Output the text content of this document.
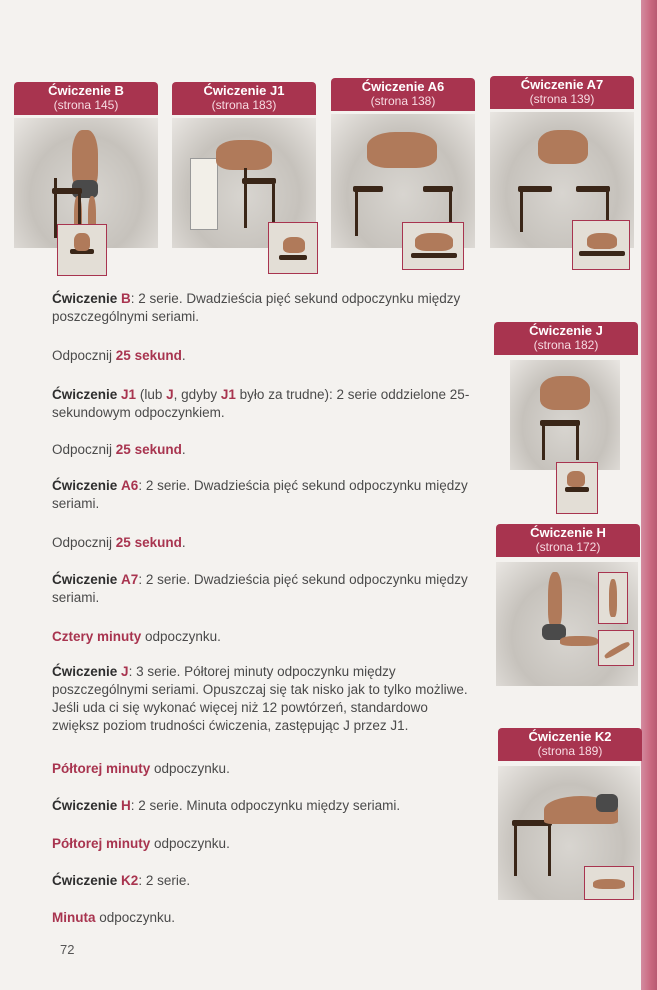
Ćwiczenie B
(strona 145)
Ćwiczenie J1
(strona 183)
Ćwiczenie A6
(strona 138)
Ćwiczenie A7
(strona 139)
Ćwiczenie J
(strona 182)
Ćwiczenie H
(strona 172)
Ćwiczenie K2
(strona 189)
Ćwiczenie B: 2 serie. Dwadzieścia pięć sekund odpoczynku między poszczególnymi seriami.
Odpocznij 25 sekund.
Ćwiczenie J1 (lub J, gdyby J1 było za trudne): 2 serie oddzielone 25-sekundowym odpoczynkiem.
Odpocznij 25 sekund.
Ćwiczenie A6: 2 serie. Dwadzieścia pięć sekund odpoczynku między seriami.
Odpocznij 25 sekund.
Ćwiczenie A7: 2 serie. Dwadzieścia pięć sekund odpoczynku między seriami.
Cztery minuty odpoczynku.
Ćwiczenie J: 3 serie. Półtorej minuty odpoczynku między poszczególnymi seriami. Opuszczaj się tak nisko jak to tylko możliwe. Jeśli uda ci się wykonać więcej niż 12 powtórzeń, standardowo zwiększ poziom trudności ćwiczenia, zastępując J przez J1.
Półtorej minuty odpoczynku.
Ćwiczenie H: 2 serie. Minuta odpoczynku między seriami.
Półtorej minuty odpoczynku.
Ćwiczenie K2: 2 serie.
Minuta odpoczynku.
72
